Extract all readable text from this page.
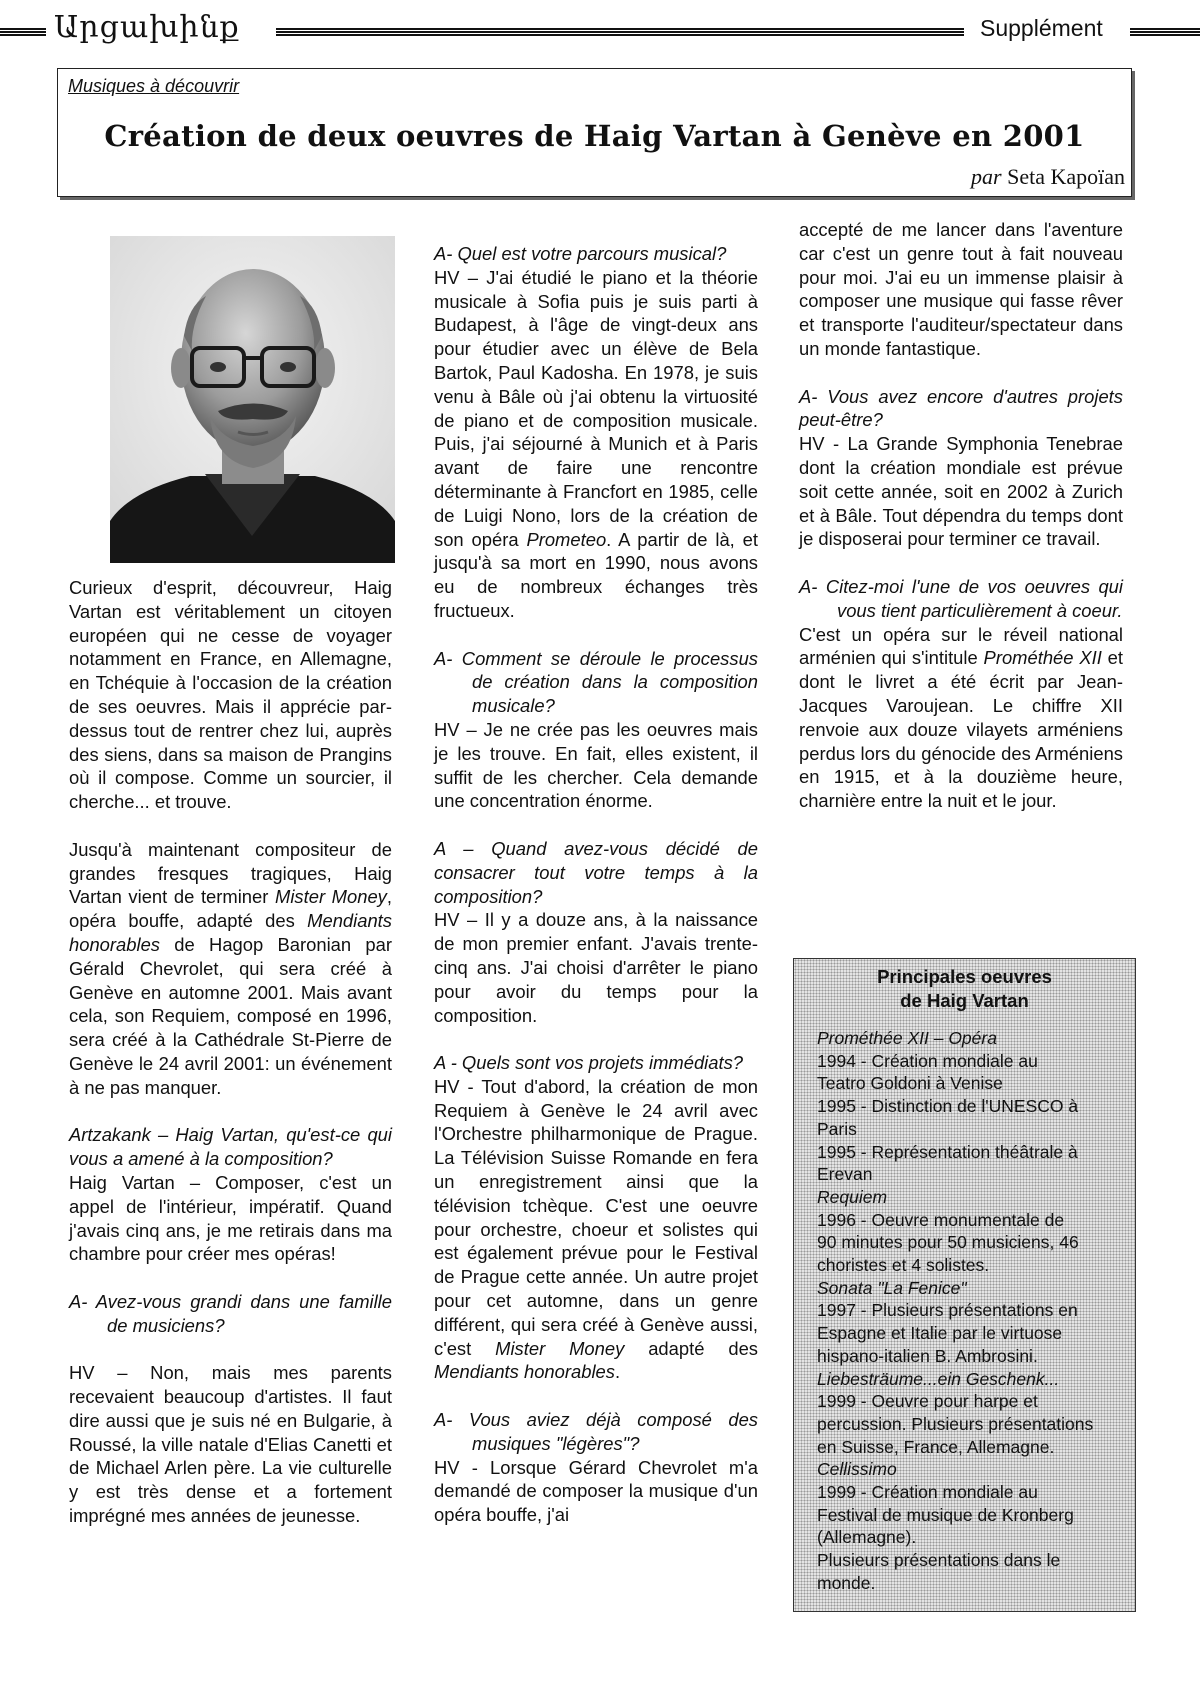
Արցախինք	Supplément
Musiques à découvrir
Création de deux oeuvres de Haig Vartan à Genève en 2001
par Seta Kapoïan

Curieux d'esprit, découvreur, Haig Vartan est véritablement un citoyen européen qui ne cesse de voyager notamment en France, en Allemagne, en Tchéquie à l'occasion de la création de ses oeuvres. Mais il apprécie par-dessus tout de rentrer chez lui, auprès des siens, dans sa maison de Prangins où il compose. Comme un sourcier, il cherche... et trouve.

Jusqu'à maintenant compositeur de grandes fresques tragiques, Haig Vartan vient de terminer Mister Money, opéra bouffe, adapté des Mendiants honorables de Hagop Baronian par Gérald Chevrolet, qui sera créé à Genève en automne 2001. Mais avant cela, son Requiem, composé en 1996, sera créé à la Cathédrale St-Pierre de Genève le 24 avril 2001: un événement à ne pas manquer.

Artzakank – Haig Vartan, qu'est-ce qui vous a amené à la composition?

Haig Vartan – Composer, c'est un appel de l'intérieur, impératif. Quand j'avais cinq ans, je me retirais dans ma chambre pour créer mes opéras!

A- Avez-vous grandi dans une famille de musiciens?

HV – Non, mais mes parents recevaient beaucoup d'artistes. Il faut dire aussi que je suis né en Bulgarie, à Roussé, la ville natale d'Elias Canetti et de Michael Arlen père. La vie culturelle y est très dense et a fortement imprégné mes années de jeunesse.

A- Quel est votre parcours musical?

HV – J'ai étudié le piano et la théorie musicale à Sofia puis je suis parti à Budapest, à l'âge de vingt-deux ans pour étudier avec un élève de Bela Bartok, Paul Kadosha. En 1978, je suis venu à Bâle où j'ai obtenu la virtuosité de piano et de composition musicale. Puis, j'ai séjourné à Munich et à Paris avant de faire une rencontre déterminante à Francfort en 1985, celle de Luigi Nono, lors de la création de son opéra Prometeo. A partir de là, et jusqu'à sa mort en 1990, nous avons eu de nombreux échanges très fructueux.

A- Comment se déroule le processus de création dans la composition musicale?

HV – Je ne crée pas les oeuvres mais je les trouve. En fait, elles existent, il suffit de les chercher. Cela demande une concentration énorme.

A – Quand avez-vous décidé de consacrer tout votre temps à la composition?

HV – Il y a douze ans, à la naissance de mon premier enfant. J'avais trente-cinq ans. J'ai choisi d'arrêter le piano pour avoir du temps pour la composition.

A - Quels sont vos projets immédiats?

HV - Tout d'abord, la création de mon Requiem à Genève le 24 avril avec l'Orchestre philharmonique de Prague. La Télévision Suisse Romande en fera un enregistrement ainsi que la télévision tchèque. C'est une oeuvre pour orchestre, choeur et solistes qui est également prévue pour le Festival de Prague cette année. Un autre projet pour cet automne, dans un genre différent, qui sera créé à Genève aussi, c'est Mister Money adapté des Mendiants honorables.

A- Vous aviez déjà composé des musiques "légères"?

HV - Lorsque Gérard Chevrolet m'a demandé de composer la musique d'un opéra bouffe, j'ai

accepté de me lancer dans l'aventure car c'est un genre tout à fait nouveau pour moi. J'ai eu un immense plaisir à composer une musique qui fasse rêver et transporte l'auditeur/spectateur dans un monde fantastique.

A- Vous avez encore d'autres projets peut-être?

HV - La Grande Symphonia Tenebrae dont la création mondiale est prévue soit cette année, soit en 2002 à Zurich et à Bâle. Tout dépendra du temps dont je disposerai pour terminer ce travail.

A- Citez-moi l'une de vos oeuvres qui vous tient particulièrement à coeur.

C'est un opéra sur le réveil national arménien qui s'intitule Prométhée XII et dont le livret a été écrit par Jean-Jacques Varoujean. Le chiffre XII renvoie aux douze vilayets arméniens perdus lors du génocide des Arméniens en 1915, et à la douzième heure, charnière entre la nuit et le jour.

Principales oeuvres
de Haig Vartan
Prométhée XII – Opéra
1994 - Création mondiale au
Teatro Goldoni à Venise
1995 - Distinction de l'UNESCO à
Paris
1995 - Représentation théâtrale à
Erevan
Requiem
1996 - Oeuvre monumentale de
90 minutes pour 50 musiciens, 46
choristes et 4 solistes.
Sonata "La Fenice"
1997 - Plusieurs présentations en
Espagne et Italie par le virtuose
hispano-italien B. Ambrosini.
Liebesträume...ein Geschenk...
1999 - Oeuvre pour harpe et
percussion. Plusieurs présentations
en Suisse, France, Allemagne.
Cellissimo
1999 - Création mondiale au
Festival de musique de Kronberg
(Allemagne).
Plusieurs présentations dans le
monde.
